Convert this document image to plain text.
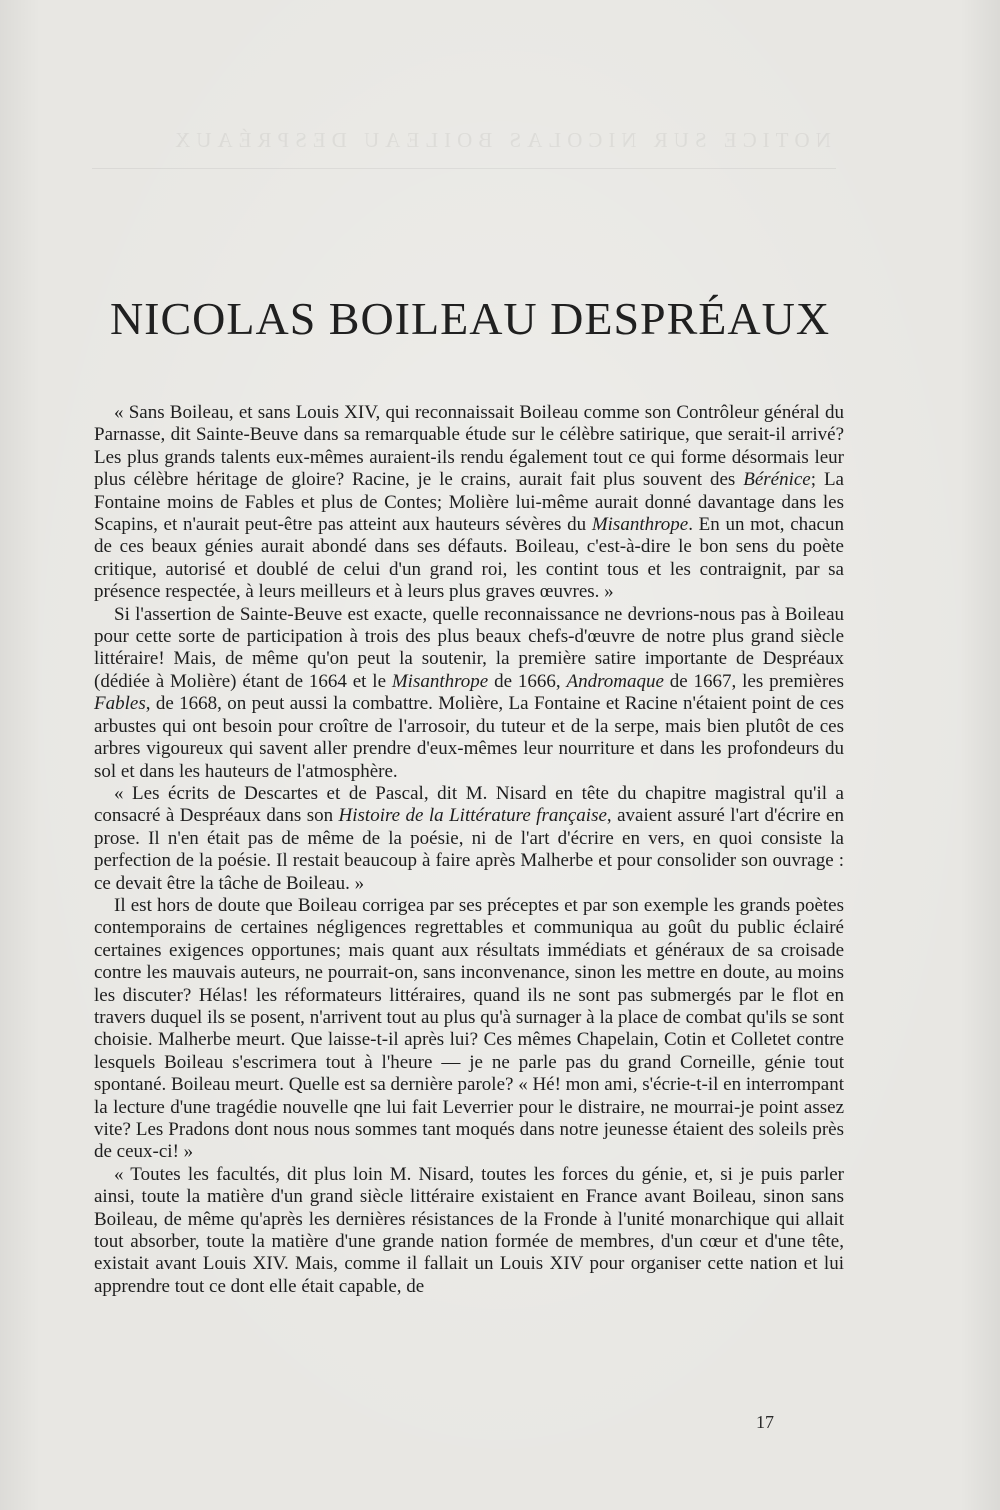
NOTICE SUR NICOLAS BOILEAU DESPRÉAUX
NICOLAS BOILEAU DESPRÉAUX

« Sans Boileau, et sans Louis XIV, qui reconnaissait Boileau comme son Contrôleur général du Parnasse, dit Sainte-Beuve dans sa remarquable étude sur le célèbre satirique, que serait-il arrivé? Les plus grands talents eux-mêmes auraient-ils rendu également tout ce qui forme désormais leur plus célèbre héritage de gloire? Racine, je le crains, aurait fait plus souvent des Bérénice; La Fontaine moins de Fables et plus de Contes; Molière lui-même aurait donné davantage dans les Scapins, et n'aurait peut-être pas atteint aux hauteurs sévères du Misanthrope. En un mot, chacun de ces beaux génies aurait abondé dans ses défauts. Boileau, c'est-à-dire le bon sens du poète critique, autorisé et doublé de celui d'un grand roi, les contint tous et les contraignit, par sa présence respectée, à leurs meilleurs et à leurs plus graves œuvres. »

Si l'assertion de Sainte-Beuve est exacte, quelle reconnaissance ne devrions-nous pas à Boileau pour cette sorte de participation à trois des plus beaux chefs-d'œuvre de notre plus grand siècle littéraire! Mais, de même qu'on peut la soutenir, la première satire importante de Despréaux (dédiée à Molière) étant de 1664 et le Misanthrope de 1666, Andromaque de 1667, les premières Fables, de 1668, on peut aussi la combattre. Molière, La Fontaine et Racine n'étaient point de ces arbustes qui ont besoin pour croître de l'arrosoir, du tuteur et de la serpe, mais bien plutôt de ces arbres vigoureux qui savent aller prendre d'eux-mêmes leur nourriture et dans les profondeurs du sol et dans les hauteurs de l'atmosphère.

« Les écrits de Descartes et de Pascal, dit M. Nisard en tête du chapitre magistral qu'il a consacré à Despréaux dans son Histoire de la Littérature française, avaient assuré l'art d'écrire en prose. Il n'en était pas de même de la poésie, ni de l'art d'écrire en vers, en quoi consiste la perfection de la poésie. Il restait beaucoup à faire après Malherbe et pour consolider son ouvrage : ce devait être la tâche de Boileau. »

Il est hors de doute que Boileau corrigea par ses préceptes et par son exemple les grands poètes contemporains de certaines négligences regrettables et communiqua au goût du public éclairé certaines exigences opportunes; mais quant aux résultats immédiats et généraux de sa croisade contre les mauvais auteurs, ne pourrait-on, sans inconvenance, sinon les mettre en doute, au moins les discuter? Hélas! les réformateurs littéraires, quand ils ne sont pas submergés par le flot en travers duquel ils se posent, n'arrivent tout au plus qu'à surnager à la place de combat qu'ils se sont choisie. Malherbe meurt. Que laisse-t-il après lui? Ces mêmes Chapelain, Cotin et Colletet contre lesquels Boileau s'escrimera tout à l'heure — je ne parle pas du grand Corneille, génie tout spontané. Boileau meurt. Quelle est sa dernière parole? « Hé! mon ami, s'écrie-t-il en interrompant la lecture d'une tragédie nouvelle qne lui fait Leverrier pour le distraire, ne mourrai-je point assez vite? Les Pradons dont nous nous sommes tant moqués dans notre jeunesse étaient des soleils près de ceux-ci! »

« Toutes les facultés, dit plus loin M. Nisard, toutes les forces du génie, et, si je puis parler ainsi, toute la matière d'un grand siècle littéraire existaient en France avant Boileau, sinon sans Boileau, de même qu'après les dernières résistances de la Fronde à l'unité monarchique qui allait tout absorber, toute la matière d'une grande nation formée de membres, d'un cœur et d'une tête, existait avant Louis XIV. Mais, comme il fallait un Louis XIV pour organiser cette nation et lui apprendre tout ce dont elle était capable, de

17
